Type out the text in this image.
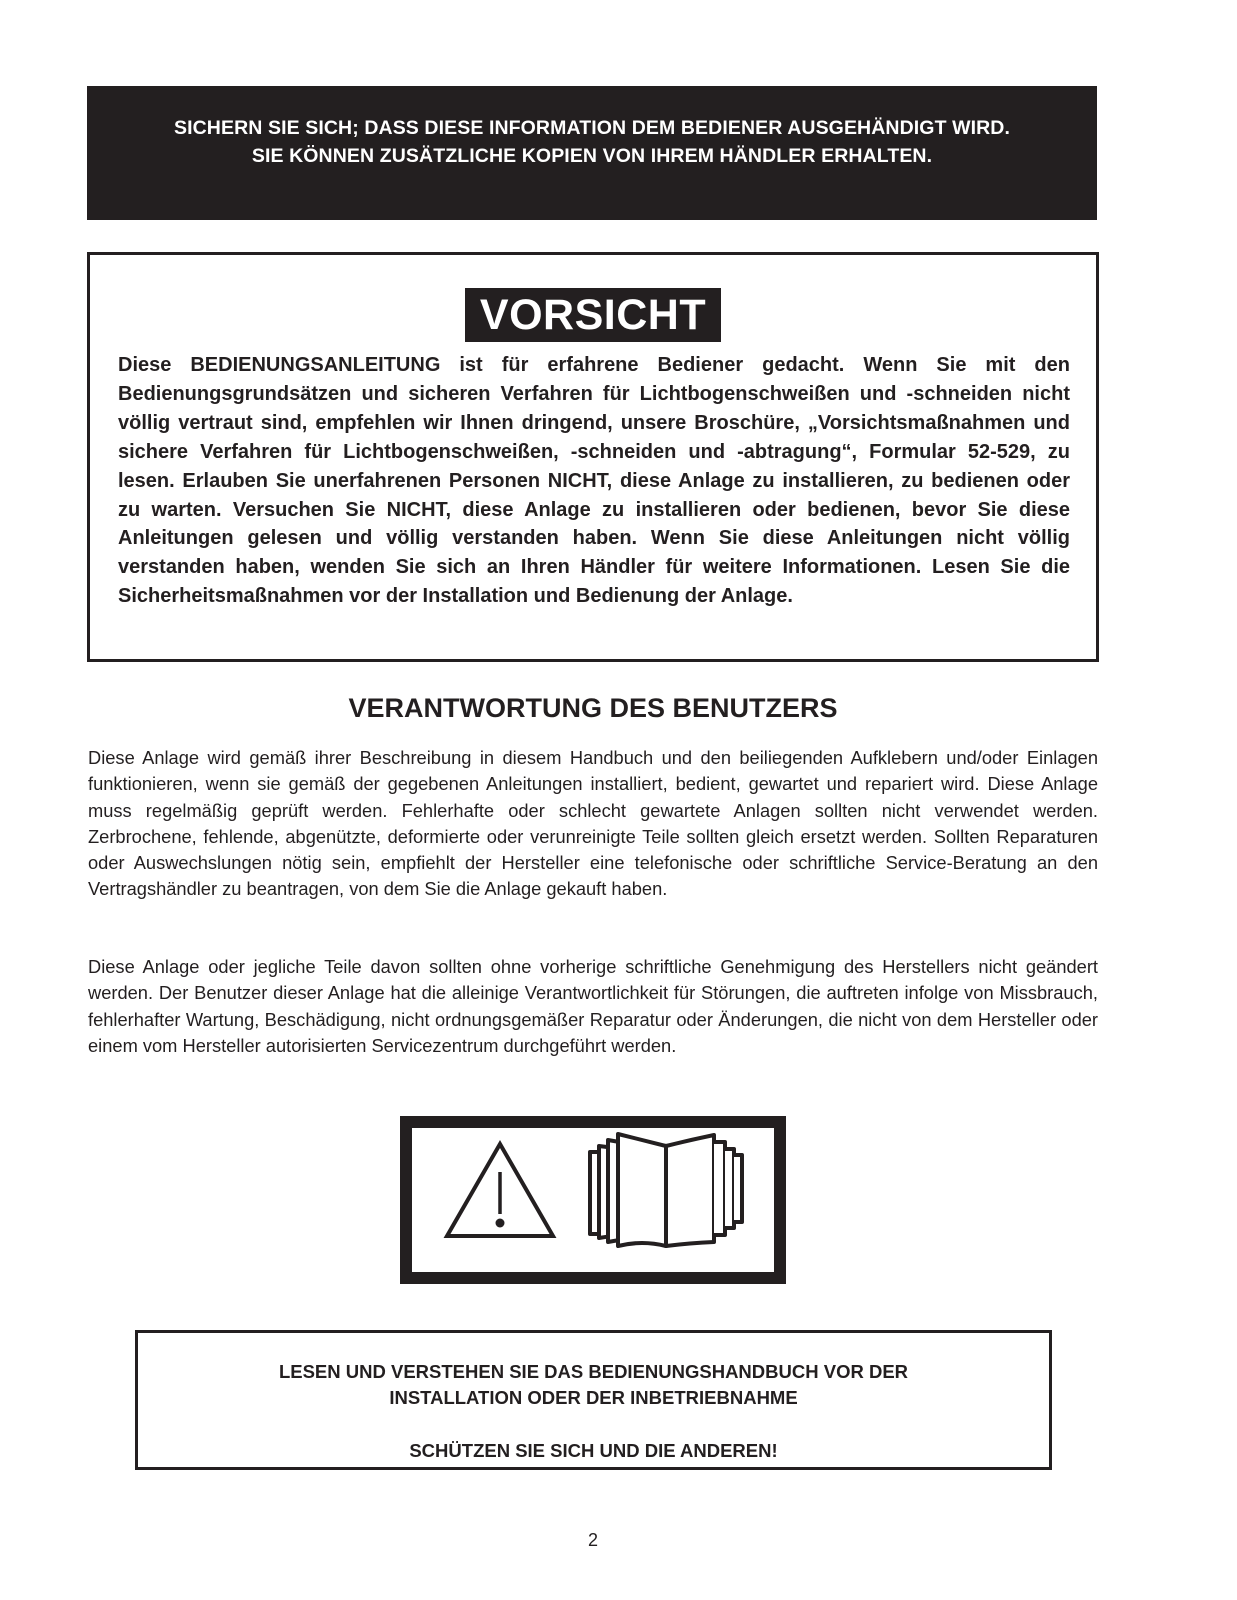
SICHERN SIE SICH; DASS DIESE INFORMATION DEM BEDIENER AUSGEHÄNDIGT WIRD.
SIE KÖNNEN ZUSÄTZLICHE KOPIEN VON IHREM HÄNDLER ERHALTEN.
VORSICHT

Diese BEDIENUNGSANLEITUNG ist für erfahrene Bediener gedacht. Wenn Sie mit den Bedienungsgrundsätzen und sicheren Verfahren für Lichtbogenschweißen und -schneiden nicht völlig vertraut sind, empfehlen wir Ihnen dringend, unsere Broschüre, „Vorsichtsmaßnahmen und sichere Verfahren für Lichtbogenschweißen, -schneiden und -abtragung“, Formular 52-529, zu lesen. Erlauben Sie unerfahrenen Personen NICHT, diese Anlage zu installieren, zu bedienen oder zu warten. Versuchen Sie NICHT, diese Anlage zu installieren oder bedienen, bevor Sie diese Anleitungen gelesen und völlig verstanden haben. Wenn Sie diese Anleitungen nicht völlig verstanden haben, wenden Sie sich an Ihren Händler für weitere Informationen. Lesen Sie die Sicherheitsmaßnahmen vor der Installation und Bedienung der Anlage.

VERANTWORTUNG DES BENUTZERS

Diese Anlage wird gemäß ihrer Beschreibung in diesem Handbuch und den beiliegenden Aufklebern und/oder Einlagen funktionieren, wenn sie gemäß der gegebenen Anleitungen installiert, bedient, gewartet und repariert wird. Diese Anlage muss regelmäßig geprüft werden. Fehlerhafte oder schlecht gewartete Anlagen sollten nicht verwendet werden. Zerbrochene, fehlende, abgenützte, deformierte oder verunreinigte Teile sollten gleich ersetzt werden. Sollten Reparaturen oder Auswechslungen nötig sein, empfiehlt der Hersteller eine telefonische oder schriftliche Service-Beratung an den Vertragshändler zu beantragen, von dem Sie die Anlage gekauft haben.

Diese Anlage oder jegliche Teile davon sollten ohne vorherige schriftliche Genehmigung des Herstellers nicht geändert werden. Der Benutzer dieser Anlage hat die alleinige Verantwortlichkeit für Störungen, die auftreten infolge von Missbrauch, fehlerhafter Wartung, Beschädigung, nicht ordnungsgemäßer Reparatur oder Änderungen, die nicht von dem Hersteller oder einem vom Hersteller autorisierten Servicezentrum durchgeführt werden.

LESEN UND VERSTEHEN SIE DAS BEDIENUNGSHANDBUCH VOR DER
INSTALLATION ODER DER INBETRIEBNAHME
SCHÜTZEN SIE SICH UND DIE ANDEREN!
2
